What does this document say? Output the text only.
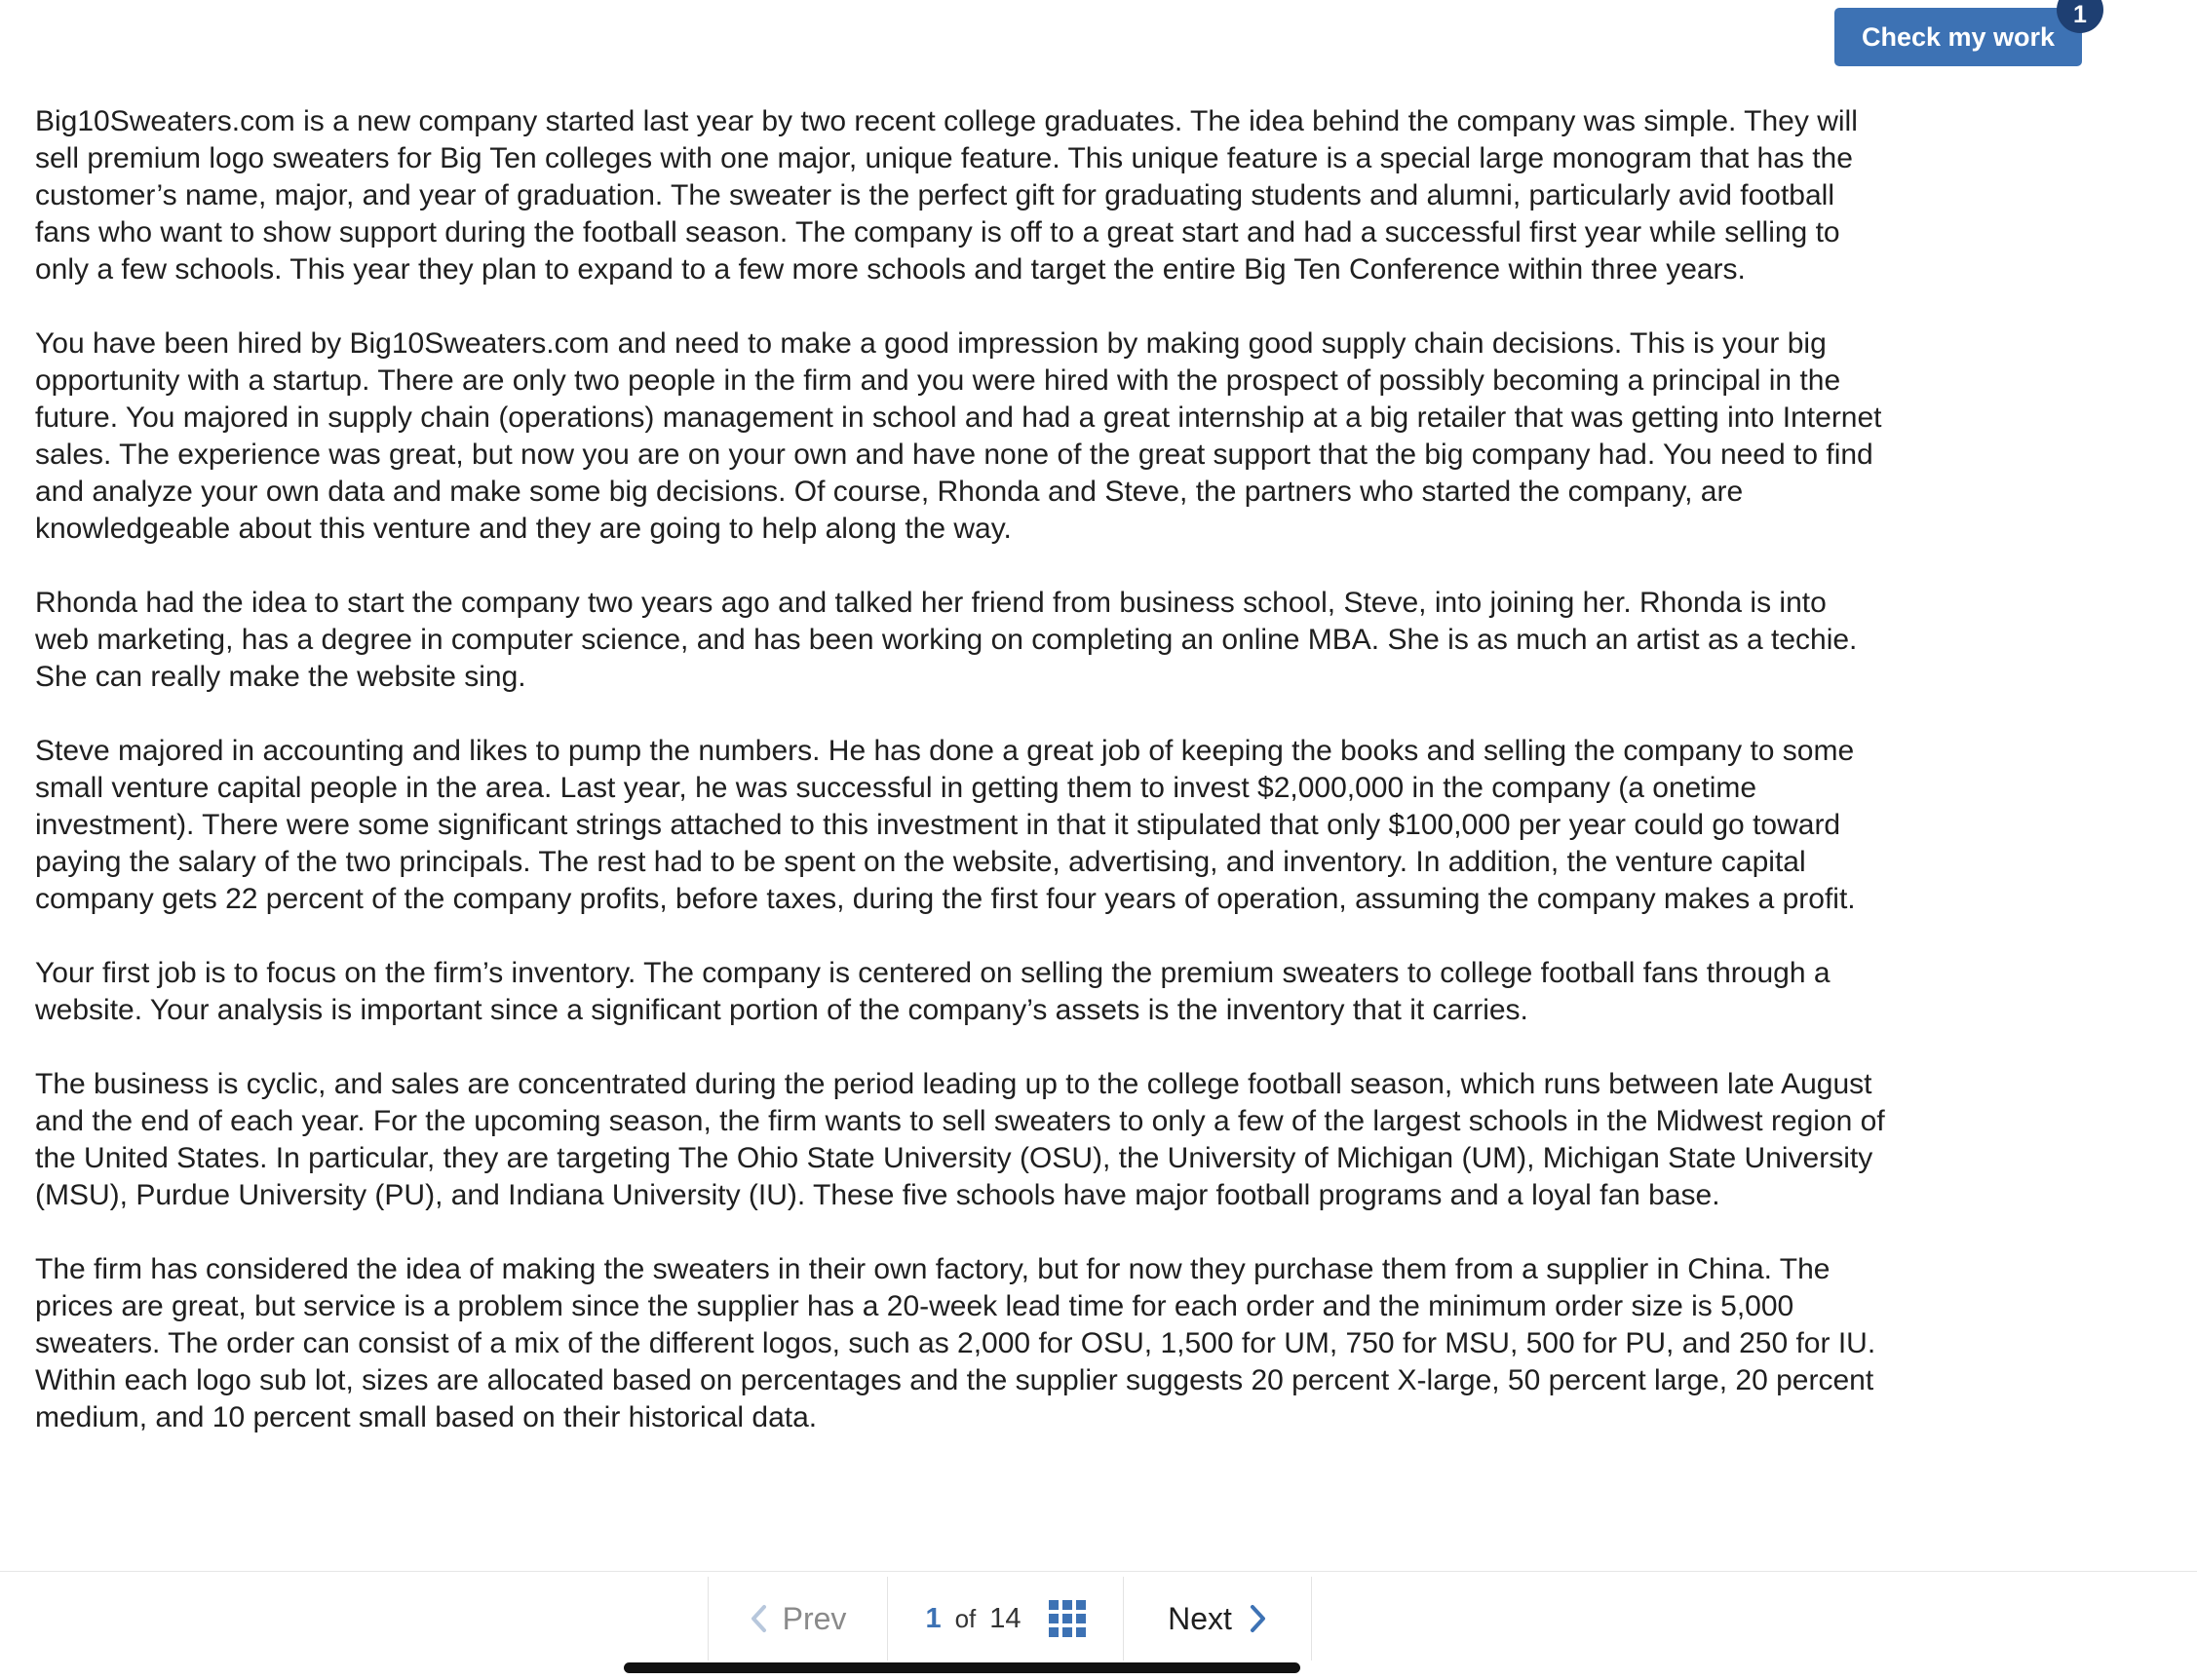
Check my work
1

Big10Sweaters.com is a new company started last year by two recent college graduates. The idea behind the company was simple. They will sell premium logo sweaters for Big Ten colleges with one major, unique feature. This unique feature is a special large monogram that has the customer’s name, major, and year of graduation. The sweater is the perfect gift for graduating students and alumni, particularly avid football fans who want to show support during the football season. The company is off to a great start and had a successful first year while selling to only a few schools. This year they plan to expand to a few more schools and target the entire Big Ten Conference within three years.

You have been hired by Big10Sweaters.com and need to make a good impression by making good supply chain decisions. This is your big opportunity with a startup. There are only two people in the firm and you were hired with the prospect of possibly becoming a principal in the future. You majored in supply chain (operations) management in school and had a great internship at a big retailer that was getting into Internet sales. The experience was great, but now you are on your own and have none of the great support that the big company had. You need to find and analyze your own data and make some big decisions. Of course, Rhonda and Steve, the partners who started the company, are knowledgeable about this venture and they are going to help along the way.

Rhonda had the idea to start the company two years ago and talked her friend from business school, Steve, into joining her. Rhonda is into web marketing, has a degree in computer science, and has been working on completing an online MBA. She is as much an artist as a techie. She can really make the website sing.

Steve majored in accounting and likes to pump the numbers. He has done a great job of keeping the books and selling the company to some small venture capital people in the area. Last year, he was successful in getting them to invest $2,000,000 in the company (a onetime investment). There were some significant strings attached to this investment in that it stipulated that only $100,000 per year could go toward paying the salary of the two principals. The rest had to be spent on the website, advertising, and inventory. In addition, the venture capital company gets 22 percent of the company profits, before taxes, during the first four years of operation, assuming the company makes a profit.

Your first job is to focus on the firm’s inventory. The company is centered on selling the premium sweaters to college football fans through a website. Your analysis is important since a significant portion of the company’s assets is the inventory that it carries.

The business is cyclic, and sales are concentrated during the period leading up to the college football season, which runs between late August and the end of each year. For the upcoming season, the firm wants to sell sweaters to only a few of the largest schools in the Midwest region of the United States. In particular, they are targeting The Ohio State University (OSU), the University of Michigan (UM), Michigan State University (MSU), Purdue University (PU), and Indiana University (IU). These five schools have major football programs and a loyal fan base.

The firm has considered the idea of making the sweaters in their own factory, but for now they purchase them from a supplier in China. The prices are great, but service is a problem since the supplier has a 20-week lead time for each order and the minimum order size is 5,000 sweaters. The order can consist of a mix of the different logos, such as 2,000 for OSU, 1,500 for UM, 750 for MSU, 500 for PU, and 250 for IU. Within each logo sub lot, sizes are allocated based on percentages and the supplier suggests 20 percent X-large, 50 percent large, 20 percent medium, and 10 percent small based on their historical data.

Prev	1 of 14	Next
